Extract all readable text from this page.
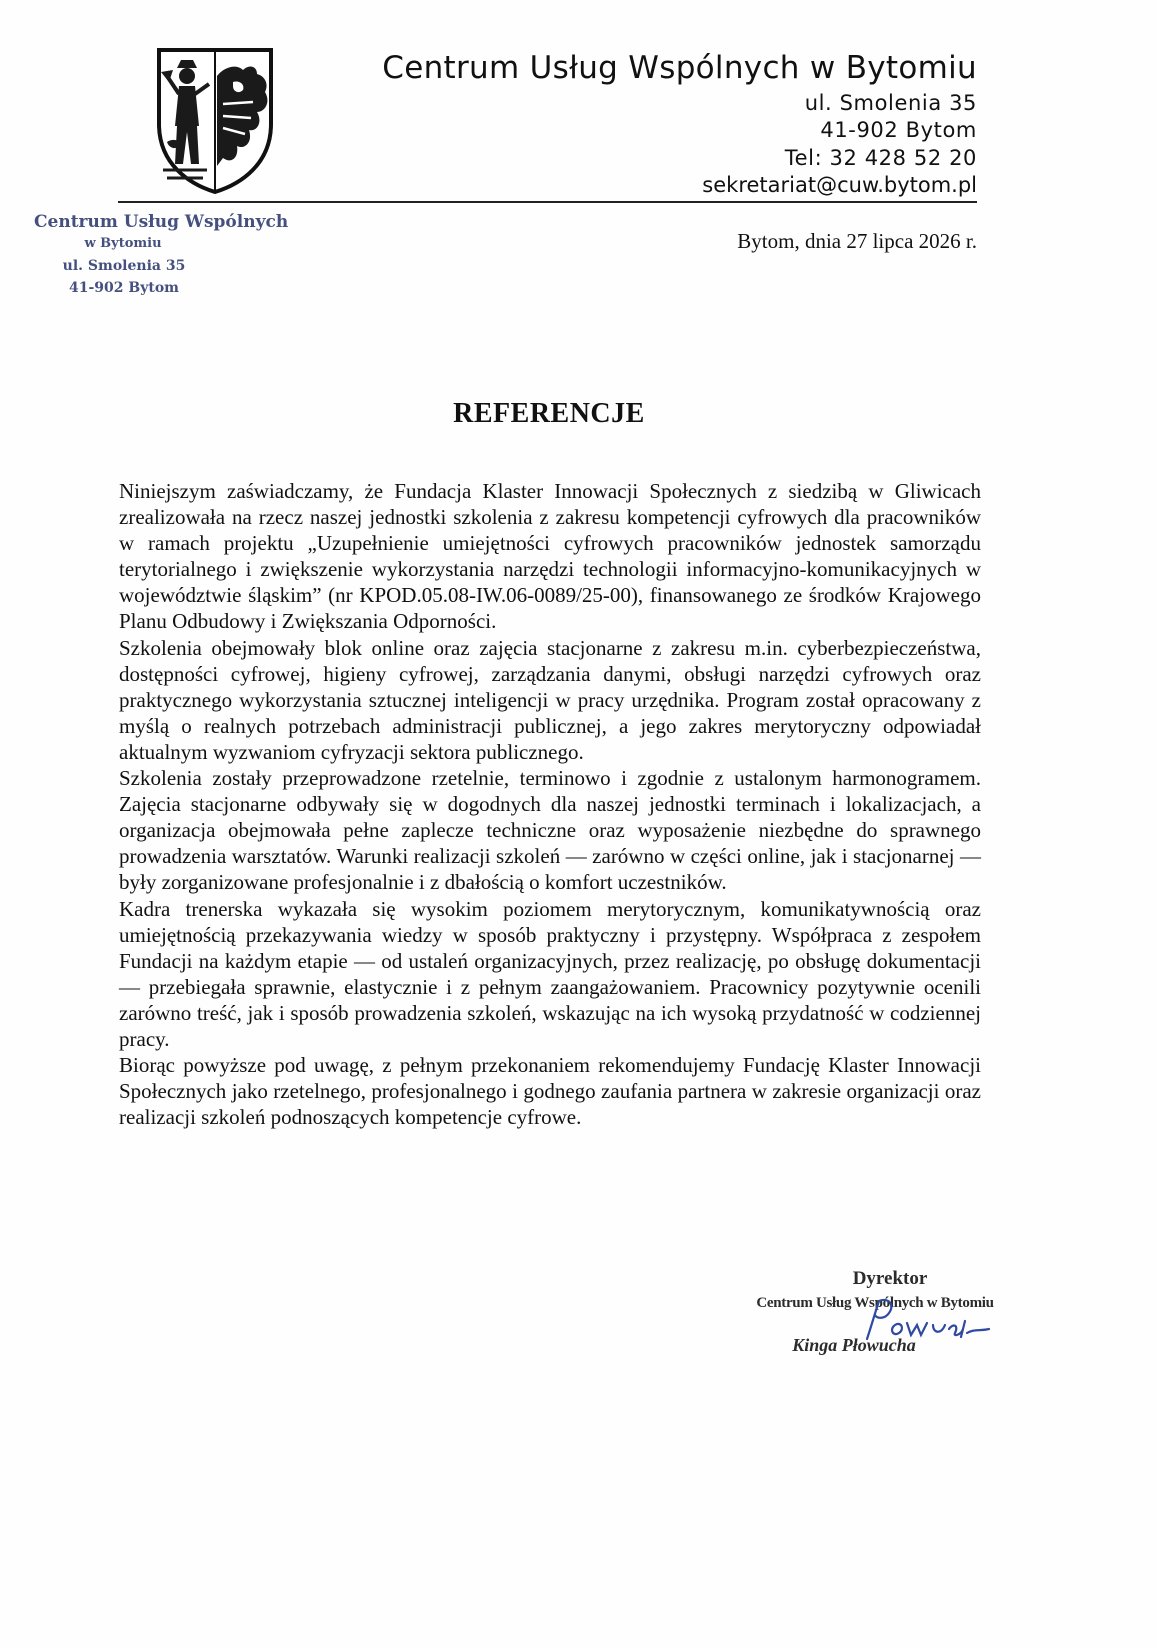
Centrum Usług Wspólnych w Bytomiu
ul. Smolenia 35
41-902 Bytom
Tel: 32 428 52 20
sekretariat@cuw.bytom.pl
Centrum Usług Wspólnych
w Bytomiu
ul. Smolenia 35
41-902 Bytom
Bytom, dnia 27 lipca 2026 r.
REFERENCJE

Niniejszym zaświadczamy, że Fundacja Klaster Innowacji Społecznych z siedzibą w Gliwicach zrealizowała na rzecz naszej jednostki szkolenia z zakresu kompetencji cyfrowych dla pracowników w ramach projektu „Uzupełnienie umiejętności cyfrowych pracowników jednostek samorządu terytorialnego i zwiększenie wykorzystania narzędzi technologii informacyjno-komunikacyjnych w województwie śląskim” (nr KPOD.05.08-IW.06-0089/25-00), finansowanego ze środków Krajowego Planu Odbudowy i Zwiększania Odporności.

Szkolenia obejmowały blok online oraz zajęcia stacjonarne z zakresu m.in. cyberbezpieczeństwa, dostępności cyfrowej, higieny cyfrowej, zarządzania danymi, obsługi narzędzi cyfrowych oraz praktycznego wykorzystania sztucznej inteligencji w pracy urzędnika. Program został opracowany z myślą o realnych potrzebach administracji publicznej, a jego zakres merytoryczny odpowiadał aktualnym wyzwaniom cyfryzacji sektora publicznego.

Szkolenia zostały przeprowadzone rzetelnie, terminowo i zgodnie z ustalonym harmonogramem. Zajęcia stacjonarne odbywały się w dogodnych dla naszej jednostki terminach i lokalizacjach, a organizacja obejmowała pełne zaplecze techniczne oraz wyposażenie niezbędne do sprawnego prowadzenia warsztatów. Warunki realizacji szkoleń — zarówno w części online, jak i stacjonarnej — były zorganizowane profesjonalnie i z dbałością o komfort uczestników.

Kadra trenerska wykazała się wysokim poziomem merytorycznym, komunikatywnością oraz umiejętnością przekazywania wiedzy w sposób praktyczny i przystępny. Współpraca z zespołem Fundacji na każdym etapie — od ustaleń organizacyjnych, przez realizację, po obsługę dokumentacji — przebiegała sprawnie, elastycznie i z pełnym zaangażowaniem. Pracownicy pozytywnie ocenili zarówno treść, jak i sposób prowadzenia szkoleń, wskazując na ich wysoką przydatność w codziennej pracy.

Biorąc powyższe pod uwagę, z pełnym przekonaniem rekomendujemy Fundację Klaster Innowacji Społecznych jako rzetelnego, profesjonalnego i godnego zaufania partnera w zakresie organizacji oraz realizacji szkoleń podnoszących kompetencje cyfrowe.

Dyrektor
Centrum Usług Wspólnych w Bytomiu
Kinga Płowucha
